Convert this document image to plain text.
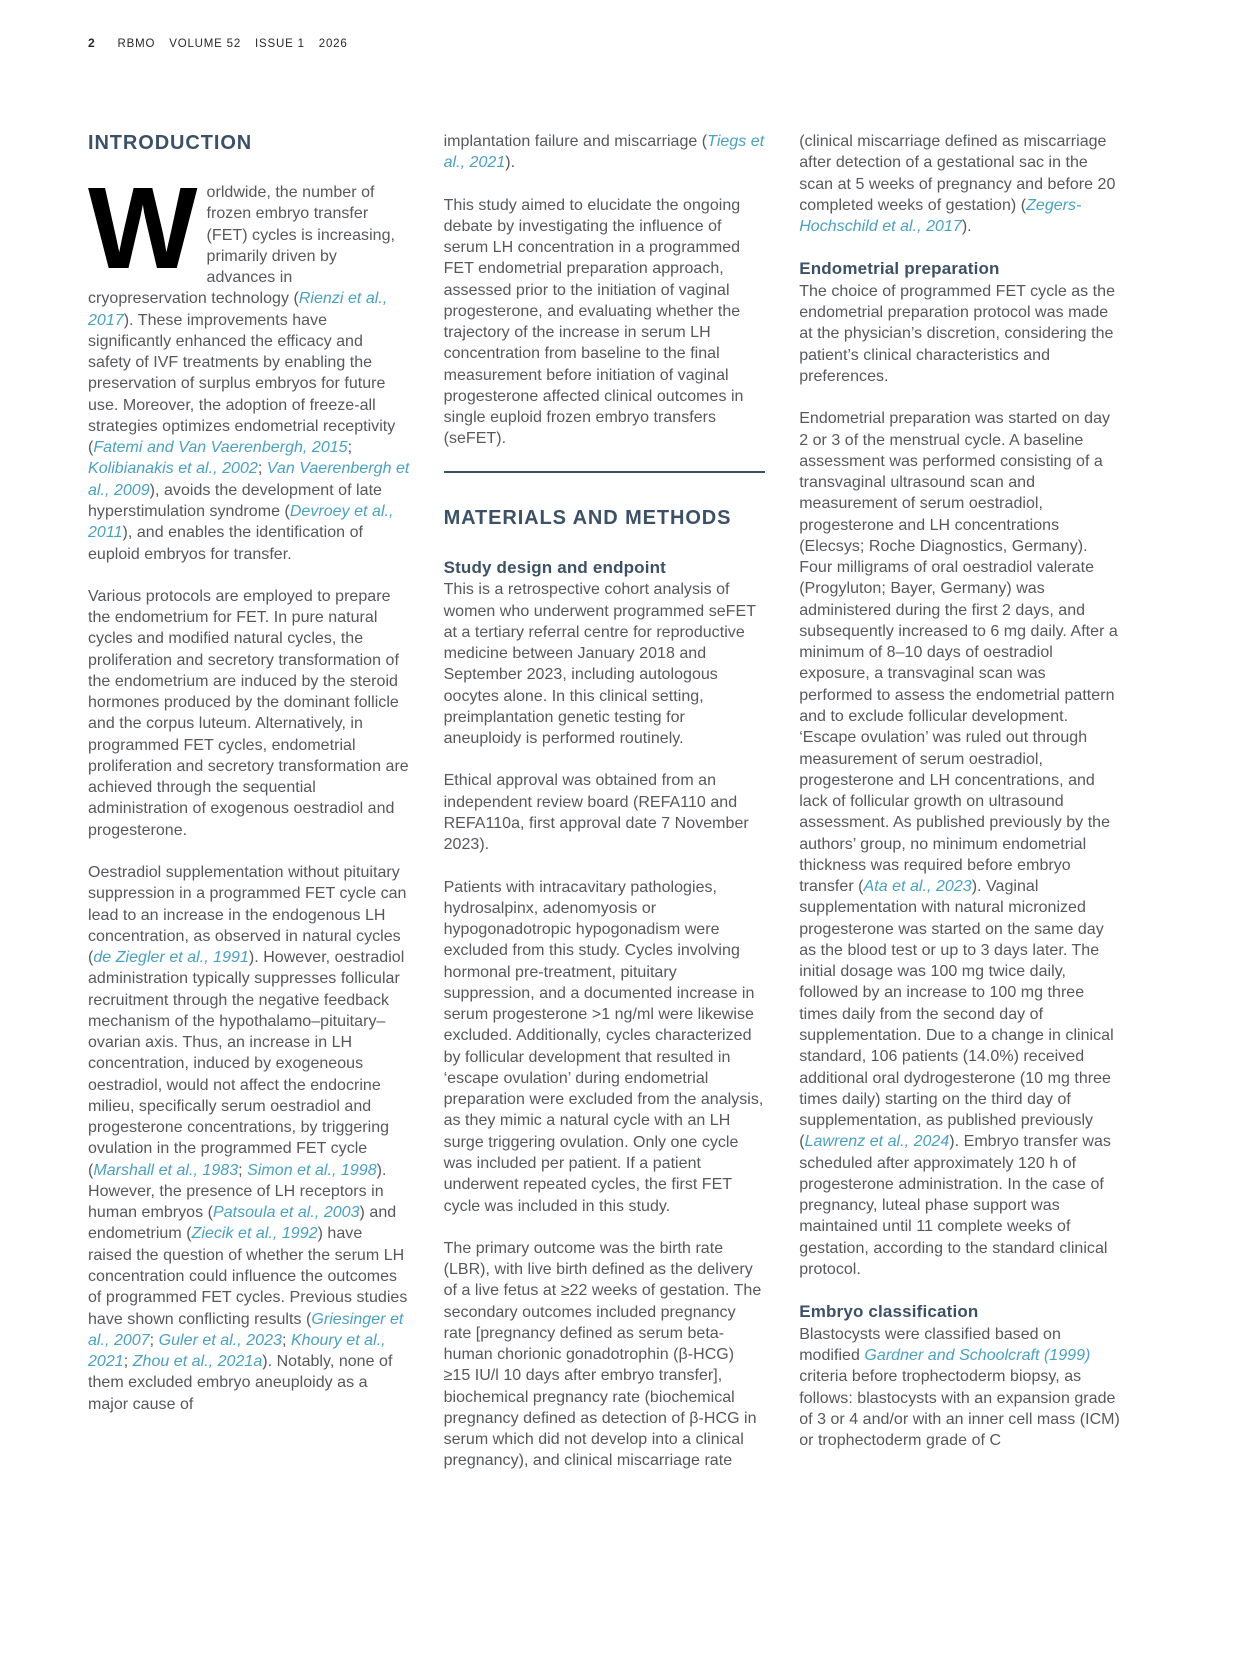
2 RBMO VOLUME 52 ISSUE 1 2026
INTRODUCTION

Worldwide, the number of frozen embryo transfer (FET) cycles is increasing, primarily driven by advances in cryopreservation technology (Rienzi et al., 2017). These improvements have significantly enhanced the efficacy and safety of IVF treatments by enabling the preservation of surplus embryos for future use. Moreover, the adoption of freeze-all strategies optimizes endometrial receptivity (Fatemi and Van Vaerenbergh, 2015; Kolibianakis et al., 2002; Van Vaerenbergh et al., 2009), avoids the development of late hyperstimulation syndrome (Devroey et al., 2011), and enables the identification of euploid embryos for transfer.

Various protocols are employed to prepare the endometrium for FET. In pure natural cycles and modified natural cycles, the proliferation and secretory transformation of the endometrium are induced by the steroid hormones produced by the dominant follicle and the corpus luteum. Alternatively, in programmed FET cycles, endometrial proliferation and secretory transformation are achieved through the sequential administration of exogenous oestradiol and progesterone.

Oestradiol supplementation without pituitary suppression in a programmed FET cycle can lead to an increase in the endogenous LH concentration, as observed in natural cycles (de Ziegler et al., 1991). However, oestradiol administration typically suppresses follicular recruitment through the negative feedback mechanism of the hypothalamo–pituitary–ovarian axis. Thus, an increase in LH concentration, induced by exogeneous oestradiol, would not affect the endocrine milieu, specifically serum oestradiol and progesterone concentrations, by triggering ovulation in the programmed FET cycle (Marshall et al., 1983; Simon et al., 1998). However, the presence of LH receptors in human embryos (Patsoula et al., 2003) and endometrium (Ziecik et al., 1992) have raised the question of whether the serum LH concentration could influence the outcomes of programmed FET cycles. Previous studies have shown conflicting results (Griesinger et al., 2007; Guler et al., 2023; Khoury et al., 2021; Zhou et al., 2021a). Notably, none of them excluded embryo aneuploidy as a major cause of

implantation failure and miscarriage (Tiegs et al., 2021).

This study aimed to elucidate the ongoing debate by investigating the influence of serum LH concentration in a programmed FET endometrial preparation approach, assessed prior to the initiation of vaginal progesterone, and evaluating whether the trajectory of the increase in serum LH concentration from baseline to the final measurement before initiation of vaginal progesterone affected clinical outcomes in single euploid frozen embryo transfers (seFET).

MATERIALS AND METHODS
Study design and endpoint

This is a retrospective cohort analysis of women who underwent programmed seFET at a tertiary referral centre for reproductive medicine between January 2018 and September 2023, including autologous oocytes alone. In this clinical setting, preimplantation genetic testing for aneuploidy is performed routinely.

Ethical approval was obtained from an independent review board (REFA110 and REFA110a, first approval date 7 November 2023).

Patients with intracavitary pathologies, hydrosalpinx, adenomyosis or hypogonadotropic hypogonadism were excluded from this study. Cycles involving hormonal pre-treatment, pituitary suppression, and a documented increase in serum progesterone >1 ng/ml were likewise excluded. Additionally, cycles characterized by follicular development that resulted in ‘escape ovulation’ during endometrial preparation were excluded from the analysis, as they mimic a natural cycle with an LH surge triggering ovulation. Only one cycle was included per patient. If a patient underwent repeated cycles, the first FET cycle was included in this study.

The primary outcome was the birth rate (LBR), with live birth defined as the delivery of a live fetus at ≥22 weeks of gestation. The secondary outcomes included pregnancy rate [pregnancy defined as serum beta-human chorionic gonadotrophin (β-HCG) ≥15 IU/l 10 days after embryo transfer], biochemical pregnancy rate (biochemical pregnancy defined as detection of β-HCG in serum which did not develop into a clinical pregnancy), and clinical miscarriage rate

(clinical miscarriage defined as miscarriage after detection of a gestational sac in the scan at 5 weeks of pregnancy and before 20 completed weeks of gestation) (Zegers-Hochschild et al., 2017).

Endometrial preparation

The choice of programmed FET cycle as the endometrial preparation protocol was made at the physician’s discretion, considering the patient’s clinical characteristics and preferences.

Endometrial preparation was started on day 2 or 3 of the menstrual cycle. A baseline assessment was performed consisting of a transvaginal ultrasound scan and measurement of serum oestradiol, progesterone and LH concentrations (Elecsys; Roche Diagnostics, Germany). Four milligrams of oral oestradiol valerate (Progyluton; Bayer, Germany) was administered during the first 2 days, and subsequently increased to 6 mg daily. After a minimum of 8–10 days of oestradiol exposure, a transvaginal scan was performed to assess the endometrial pattern and to exclude follicular development. ‘Escape ovulation’ was ruled out through measurement of serum oestradiol, progesterone and LH concentrations, and lack of follicular growth on ultrasound assessment. As published previously by the authors’ group, no minimum endometrial thickness was required before embryo transfer (Ata et al., 2023). Vaginal supplementation with natural micronized progesterone was started on the same day as the blood test or up to 3 days later. The initial dosage was 100 mg twice daily, followed by an increase to 100 mg three times daily from the second day of supplementation. Due to a change in clinical standard, 106 patients (14.0%) received additional oral dydrogesterone (10 mg three times daily) starting on the third day of supplementation, as published previously (Lawrenz et al., 2024). Embryo transfer was scheduled after approximately 120 h of progesterone administration. In the case of pregnancy, luteal phase support was maintained until 11 complete weeks of gestation, according to the standard clinical protocol.

Embryo classification

Blastocysts were classified based on modified Gardner and Schoolcraft (1999) criteria before trophectoderm biopsy, as follows: blastocysts with an expansion grade of 3 or 4 and/or with an inner cell mass (ICM) or trophectoderm grade of C
